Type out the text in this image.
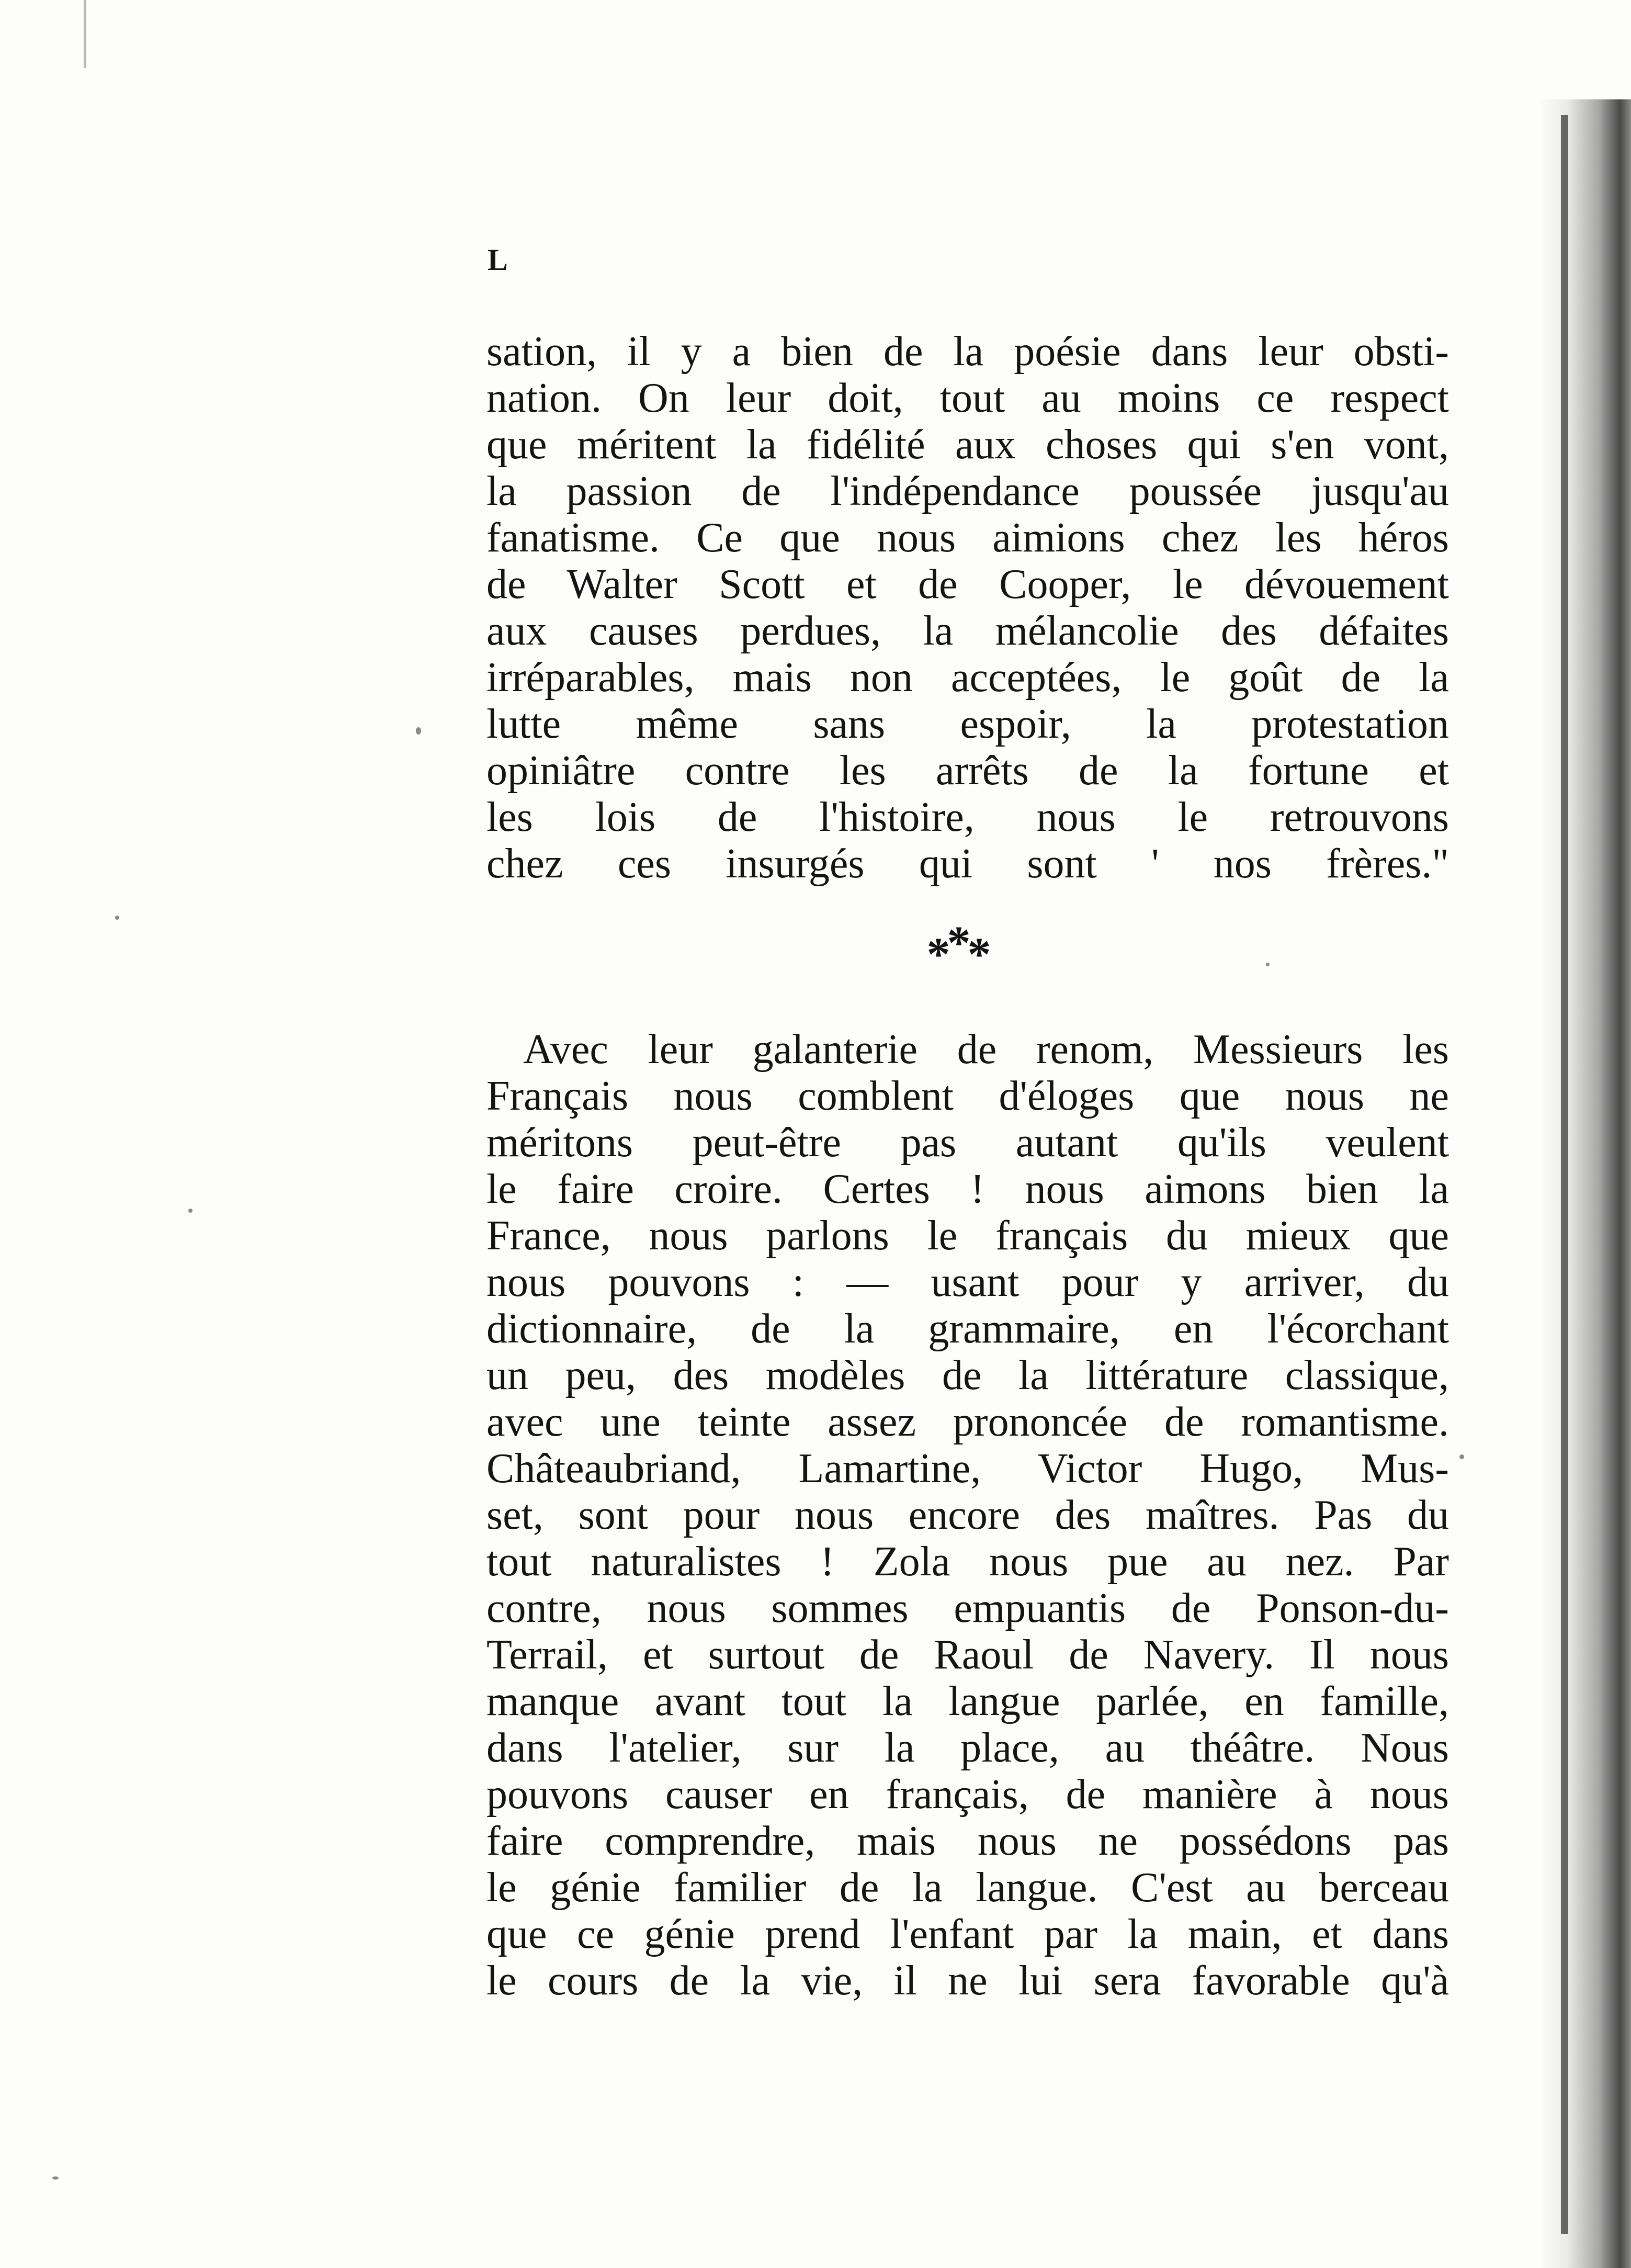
L
sation, il y a bien de la poésie dans leur obsti-
nation. On leur doit, tout au moins ce respect
que méritent la fidélité aux choses qui s'en vont,
la passion de l'indépendance poussée jusqu'au
fanatisme. Ce que nous aimions chez les héros
de Walter Scott et de Cooper, le dévouement
aux causes perdues, la mélancolie des défaites
irréparables, mais non acceptées, le goût de la
lutte même sans espoir, la protestation
opiniâtre contre les arrêts de la fortune et
les lois de l'histoire, nous le retrouvons
chez ces insurgés qui sont ' nos frères."
***
Avec leur galanterie de renom, Messieurs les
Français nous comblent d'éloges que nous ne
méritons peut-être pas autant qu'ils veulent
le faire croire. Certes ! nous aimons bien la
France, nous parlons le français du mieux que
nous pouvons : — usant pour y arriver, du
dictionnaire, de la grammaire, en l'écorchant
un peu, des modèles de la littérature classique,
avec une teinte assez prononcée de romantisme.
Châteaubriand, Lamartine, Victor Hugo, Mus-
set, sont pour nous encore des maîtres. Pas du
tout naturalistes ! Zola nous pue au nez. Par
contre, nous sommes empuantis de Ponson-du-
Terrail, et surtout de Raoul de Navery. Il nous
manque avant tout la langue parlée, en famille,
dans l'atelier, sur la place, au théâtre. Nous
pouvons causer en français, de manière à nous
faire comprendre, mais nous ne possédons pas
le génie familier de la langue. C'est au berceau
que ce génie prend l'enfant par la main, et dans
le cours de la vie, il ne lui sera favorable qu'à
